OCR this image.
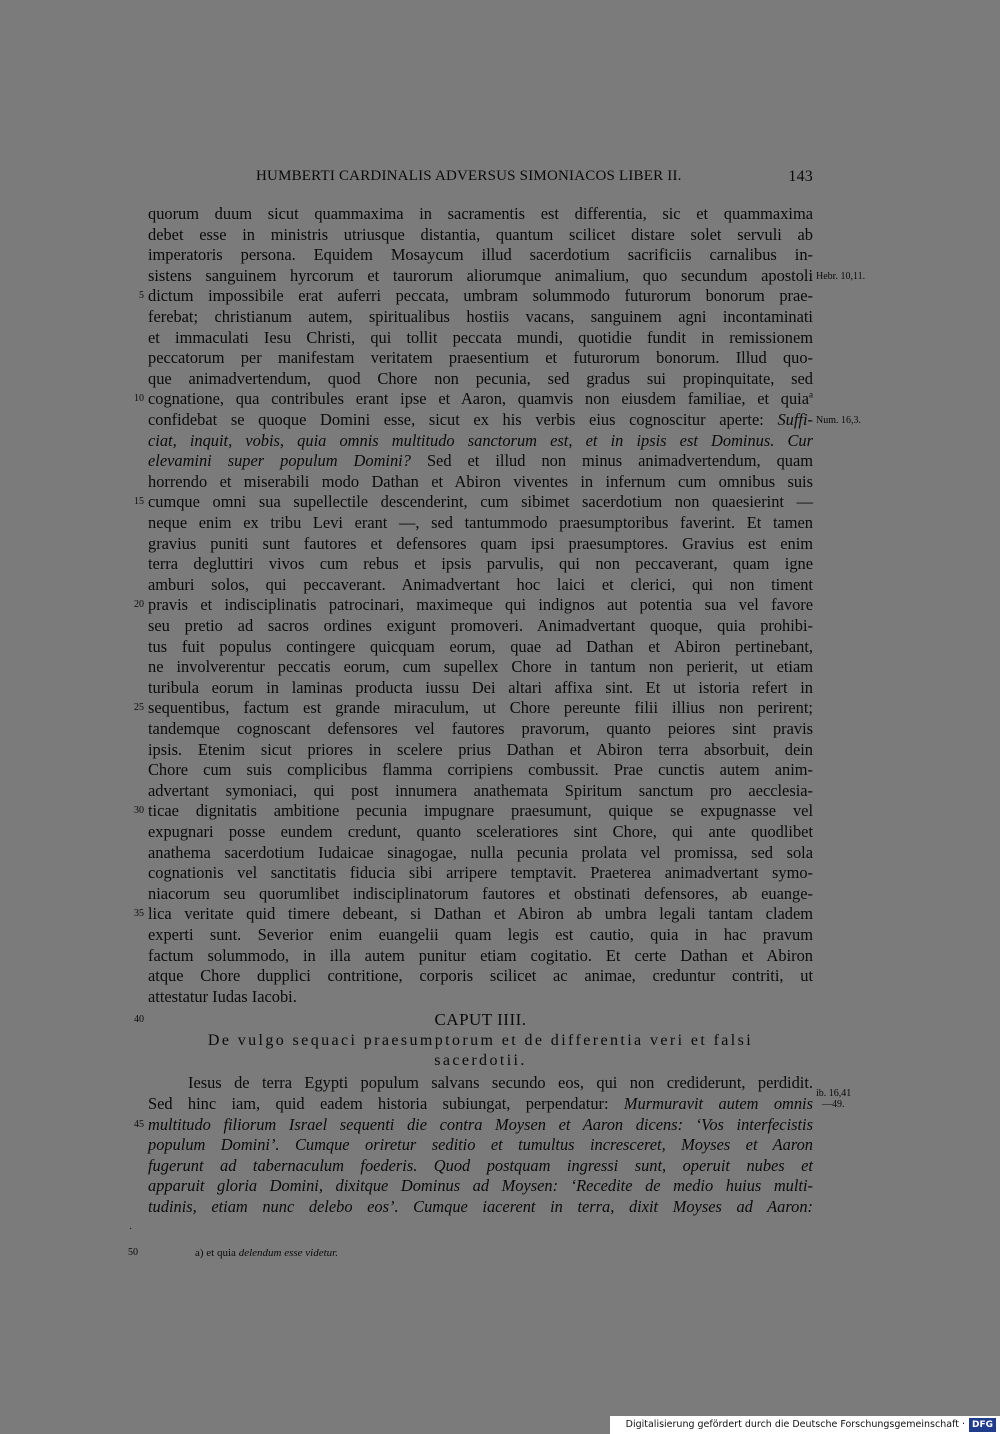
HUMBERTI CARDINALIS ADVERSUS SIMONIACOS LIBER II.	143
quorum duum sicut quammaxima in sacramentis est differentia, sic et quammaxima
debet esse in ministris utriusque distantia, quantum scilicet distare solet servuli ab
imperatoris persona. Equidem Mosaycum illud sacerdotium sacrificiis carnalibus in-
sistens sanguinem hyrcorum et taurorum aliorumque animalium, quo secundum apostoli Hebr. 10,11.
dictum impossibile erat auferri peccata, umbram solummodo futurorum bonorum prae-
5
ferebat; christianum autem, spiritualibus hostiis vacans, sanguinem agni incontaminati
et immaculati Iesu Christi, qui tollit peccata mundi, quotidie fundit in remissionem
peccatorum per manifestam veritatem praesentium et futurorum bonorum. Illud quo-
que animadvertendum, quod Chore non pecunia, sed gradus sui propinquitate, sed
cognatione, qua contribules erant ipse et Aaron, quamvis non eiusdem familiae, et quia$^a$
10
confidebat se quoque Domini esse, sicut ex his verbis eius cognoscitur aperte: Suffi- Num. 16,3.
ciat, inquit, vobis, quia omnis multitudo sanctorum est, et in ipsis est Dominus. Cur
elevamini super populum Domini? Sed et illud non minus animadvertendum, quam
horrendo et miserabili modo Dathan et Abiron viventes in infernum cum omnibus suis
cumque omni sua supellectile descenderint, cum sibimet sacerdotium non quaesierint —
15
neque enim ex tribu Levi erant —, sed tantummodo praesumptoribus faverint. Et tamen
gravius puniti sunt fautores et defensores quam ipsi praesumptores. Gravius est enim
terra degluttiri vivos cum rebus et ipsis parvulis, qui non peccaverant, quam igne
amburi solos, qui peccaverant. Animadvertant hoc laici et clerici, qui non timent
pravis et indisciplinatis patrocinari, maximeque qui indignos aut potentia sua vel favore
20
seu pretio ad sacros ordines exigunt promoveri. Animadvertant quoque, quia prohibi-
tus fuit populus contingere quicquam eorum, quae ad Dathan et Abiron pertinebant,
ne involverentur peccatis eorum, cum supellex Chore in tantum non perierit, ut etiam
turibula eorum in laminas producta iussu Dei altari affixa sint. Et ut istoria refert in
sequentibus, factum est grande miraculum, ut Chore pereunte filii illius non perirent;
25
tandemque cognoscant defensores vel fautores pravorum, quanto peiores sint pravis
ipsis. Etenim sicut priores in scelere prius Dathan et Abiron terra absorbuit, dein
Chore cum suis complicibus flamma corripiens combussit. Prae cunctis autem anim-
advertant symoniaci, qui post innumera anathemata Spiritum sanctum pro aecclesia-
ticae dignitatis ambitione pecunia impugnare praesumunt, quique se expugnasse vel
30
expugnari posse eundem credunt, quanto sceleratiores sint Chore, qui ante quodlibet
anathema sacerdotium Iudaicae sinagogae, nulla pecunia prolata vel promissa, sed sola
cognationis vel sanctitatis fiducia sibi arripere temptavit. Praeterea animadvertant symo-
niacorum seu quorumlibet indisciplinatorum fautores et obstinati defensores, ab euange-
lica veritate quid timere debeant, si Dathan et Abiron ab umbra legali tantam cladem
35
experti sunt. Severior enim euangelii quam legis est cautio, quia in hac pravum
factum solummodo, in illa autem punitur etiam cogitatio. Et certe Dathan et Abiron
atque Chore dupplici contritione, corporis scilicet ac animae, creduntur contriti, ut
attestatur Iudas Iacobi.
40	CAPUT IIII.
De vulgo sequaci praesumptorum et de differentia veri et falsi
sacerdotii.
Iesus de terra Egypti populum salvans secundo eos, qui non crediderunt, perdidit.
Sed hinc iam, quid eadem historia subiungat, perpendatur: Murmuravit autem omnis
ib. 16,41
—49.
multitudo filiorum Israel sequenti die contra Moysen et Aaron dicens: ‘Vos interfecistis
45
populum Domini’. Cumque oriretur seditio et tumultus incresceret, Moyses et Aaron
fugerunt ad tabernaculum foederis. Quod postquam ingressi sunt, operuit nubes et
apparuit gloria Domini, dixitque Dominus ad Moysen: ‘Recedite de medio huius multi-
tudinis, etiam nunc delebo eos’. Cumque iacerent in terra, dixit Moyses ad Aaron:
·
50	a) et quia delendum esse videtur.
Digitalisierung gefördert durch die Deutsche Forschungsgemeinschaft · DFG
